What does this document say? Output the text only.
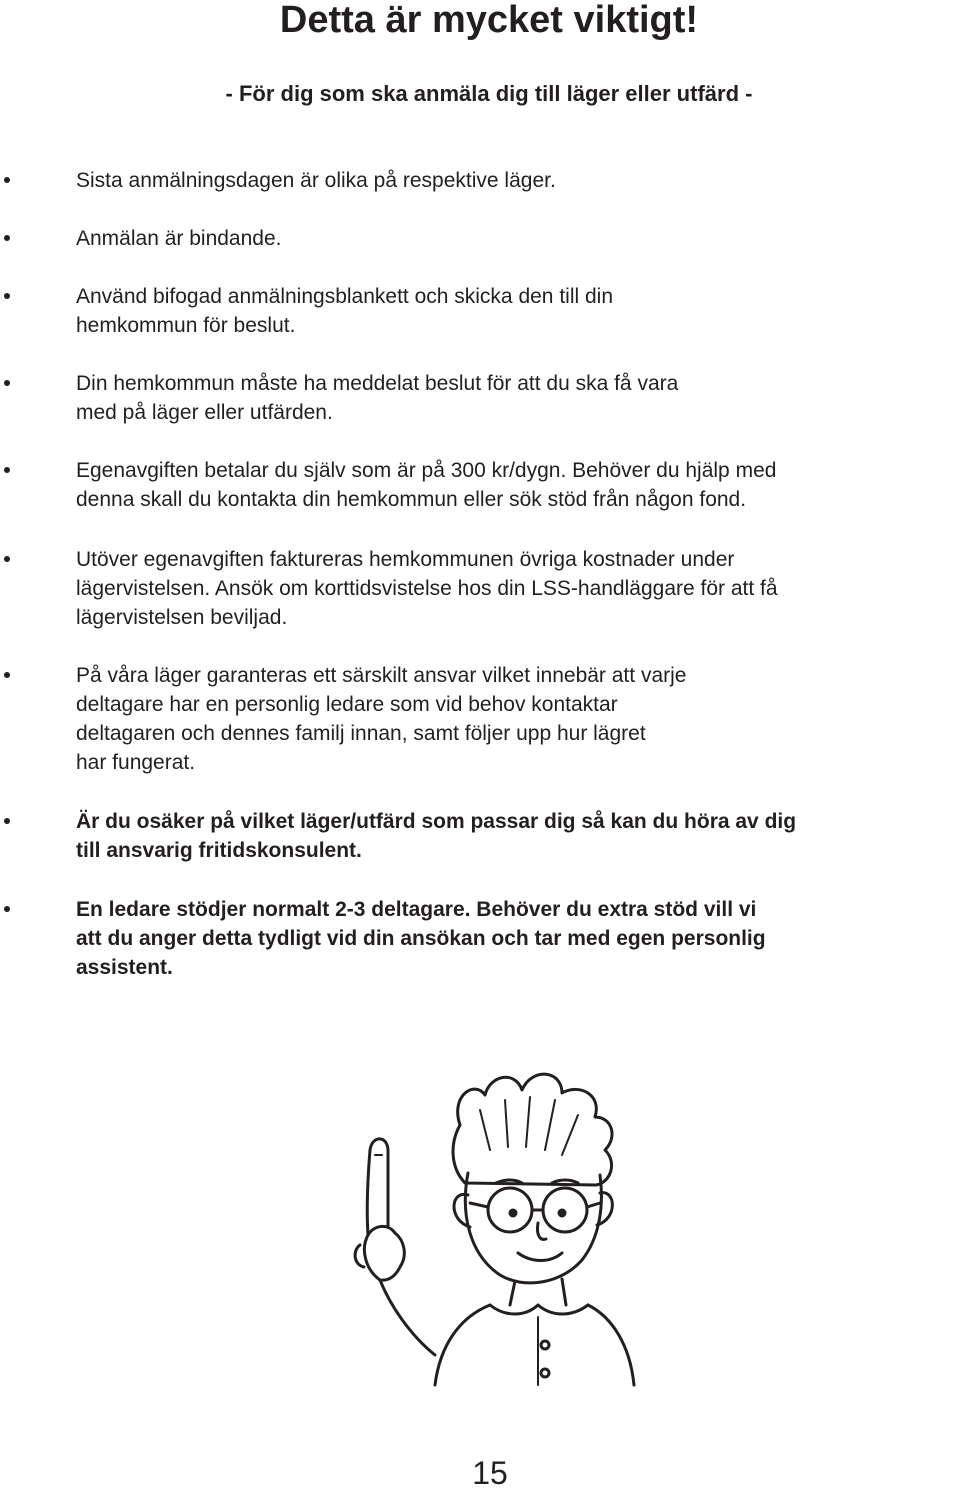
Detta är mycket viktigt!

- För dig som ska anmäla dig till läger eller utfärd -

Sista anmälningsdagen är olika på respektive läger.

Anmälan är bindande.

Använd bifogad anmälningsblankett och skicka den till din
hemkommun för beslut.

Din hemkommun måste ha meddelat beslut för att du ska få vara
med på läger eller utfärden.

Egenavgiften betalar du själv som är på 300 kr/dygn. Behöver du hjälp med
denna skall du kontakta din hemkommun eller sök stöd från någon fond.

Utöver egenavgiften faktureras hemkommunen övriga kostnader under
lägervistelsen. Ansök om korttidsvistelse hos din LSS-handläggare för att få
lägervistelsen beviljad.

På våra läger garanteras ett särskilt ansvar vilket innebär att varje
deltagare har en personlig ledare som vid behov kontaktar
deltagaren och dennes familj innan, samt följer upp hur lägret
har fungerat.

Är du osäker på vilket läger/utfärd som passar dig så kan du höra av dig
till ansvarig fritidskonsulent.

En ledare stödjer normalt 2-3 deltagare. Behöver du extra stöd vill vi
att du anger detta tydligt vid din ansökan och tar med egen personlig
assistent.

15
